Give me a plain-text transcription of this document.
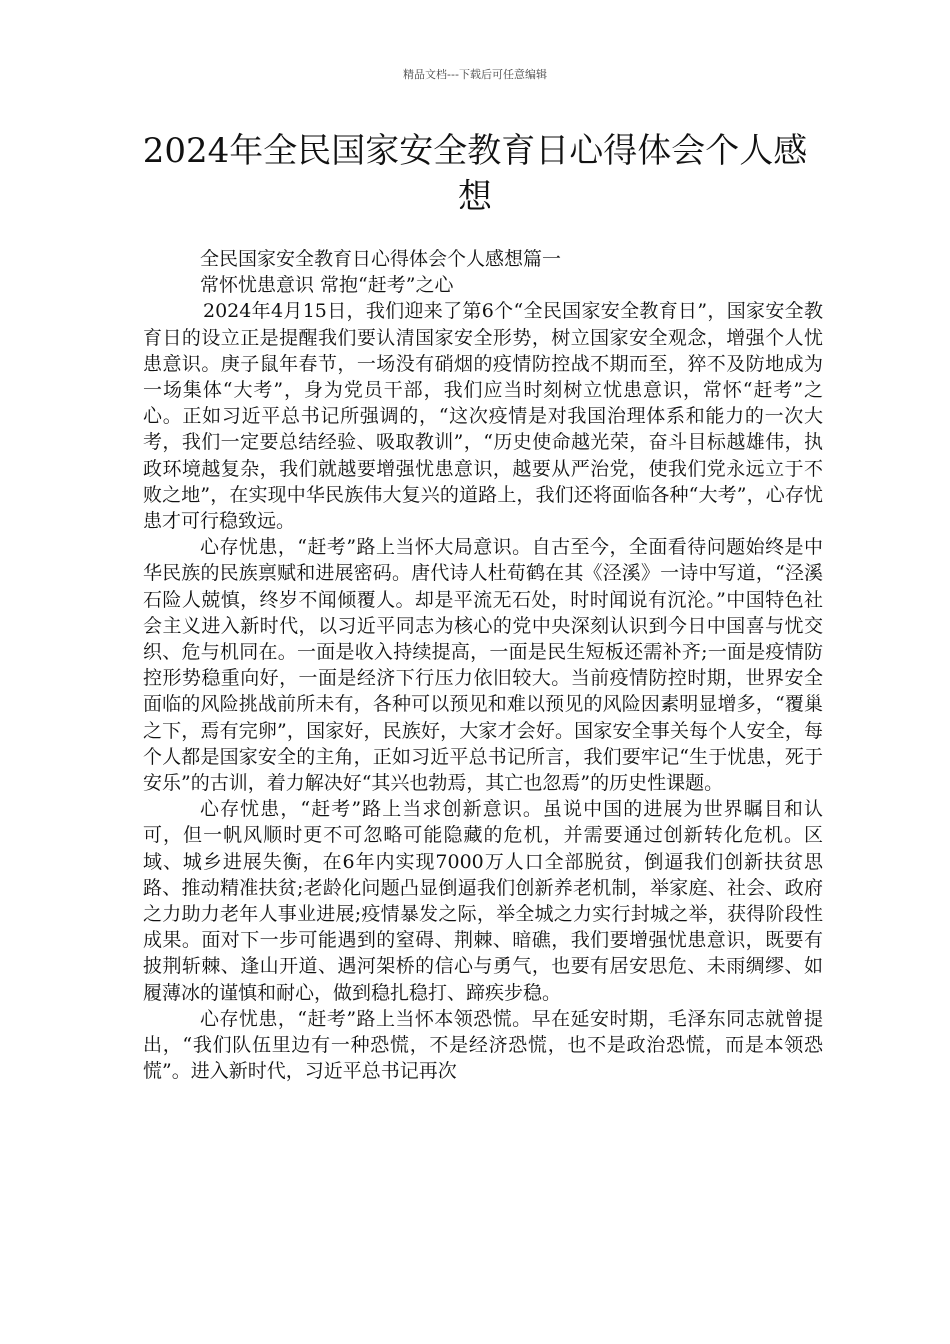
精品文档---下载后可任意编辑
2024年全民国家安全教育日心得体会个人感想

全民国家安全教育日心得体会个人感想篇一

常怀忧患意识 常抱“赶考”之心

2024年4月15日，我们迎来了第6个“全民国家安全教育日”，国家安全教育日的设立正是提醒我们要认清国家安全形势，树立国家安全观念，增强个人忧患意识。庚子鼠年春节，一场没有硝烟的疫情防控战不期而至，猝不及防地成为一场集体“大考”，身为党员干部，我们应当时刻树立忧患意识，常怀“赶考”之心。正如习近平总书记所强调的，“这次疫情是对我国治理体系和能力的一次大考，我们一定要总结经验、吸取教训”，“历史使命越光荣，奋斗目标越雄伟，执政环境越复杂，我们就越要增强忧患意识，越要从严治党，使我们党永远立于不败之地”，在实现中华民族伟大复兴的道路上，我们还将面临各种“大考”，心存忧患才可行稳致远。

心存忧患，“赶考”路上当怀大局意识。自古至今，全面看待问题始终是中华民族的民族禀赋和进展密码。唐代诗人杜荀鹤在其《泾溪》一诗中写道，“泾溪石险人兢慎，终岁不闻倾覆人。却是平流无石处，时时闻说有沉沦。”中国特色社会主义进入新时代，以习近平同志为核心的党中央深刻认识到今日中国喜与忧交织、危与机同在。一面是收入持续提高，一面是民生短板还需补齐;一面是疫情防控形势稳重向好，一面是经济下行压力依旧较大。当前疫情防控时期，世界安全面临的风险挑战前所未有，各种可以预见和难以预见的风险因素明显增多，“覆巢之下，焉有完卵”，国家好，民族好，大家才会好。国家安全事关每个人安全，每个人都是国家安全的主角，正如习近平总书记所言，我们要牢记“生于忧患，死于安乐”的古训，着力解决好“其兴也勃焉，其亡也忽焉”的历史性课题。

心存忧患，“赶考”路上当求创新意识。虽说中国的进展为世界瞩目和认可，但一帆风顺时更不可忽略可能隐藏的危机，并需要通过创新转化危机。区域、城乡进展失衡，在6年内实现7000万人口全部脱贫，倒逼我们创新扶贫思路、推动精准扶贫;老龄化问题凸显倒逼我们创新养老机制，举家庭、社会、政府之力助力老年人事业进展;疫情暴发之际，举全城之力实行封城之举，获得阶段性成果。面对下一步可能遇到的窒碍、荆棘、暗礁，我们要增强忧患意识，既要有披荆斩棘、逢山开道、遇河架桥的信心与勇气，也要有居安思危、未雨绸缪、如履薄冰的谨慎和耐心，做到稳扎稳打、蹄疾步稳。

心存忧患，“赶考”路上当怀本领恐慌。早在延安时期，毛泽东同志就曾提出，“我们队伍里边有一种恐慌，不是经济恐慌，也不是政治恐慌，而是本领恐慌”。进入新时代，习近平总书记再次
